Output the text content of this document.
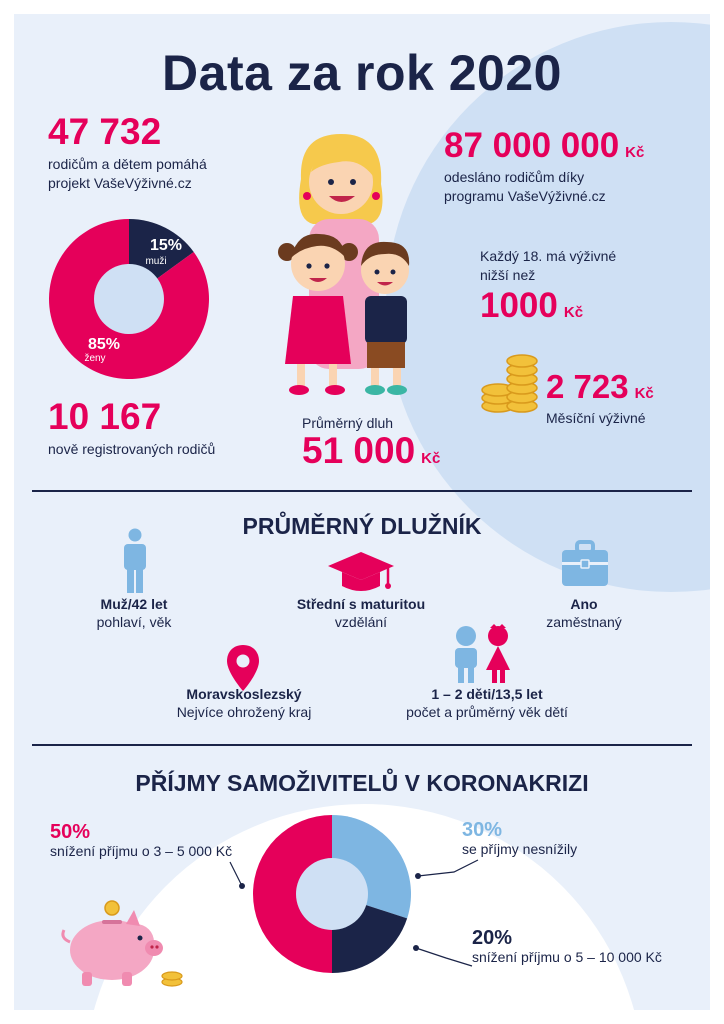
Data za rok 2020
47 732
rodičům a dětem pomáhá
projekt VašeVýživné.cz
15%
muži
85%
ženy
10 167
nově registrovaných rodičů
87 000 000 Kč
odesláno rodičům díky
programu VašeVýživné.cz
Každý 18. má výživné
nižší než
1000 Kč
2 723 Kč
Měsíční výživné
Průměrný dluh
51 000 Kč
PRŮMĚRNÝ DLUŽNÍK
Muž/42 let
pohlaví, věk
Střední s maturitou
vzdělání
Ano
zaměstnaný
Moravskoslezský
Nejvíce ohrožený kraj
1 – 2 děti/13,5 let
počet a průměrný věk dětí
PŘÍJMY SAMOŽIVITELŮ V KORONAKRIZI
50%
snížení příjmu o 3 – 5 000 Kč
30%
se příjmy nesnížily
20%
snížení příjmu o 5 – 10 000 Kč
